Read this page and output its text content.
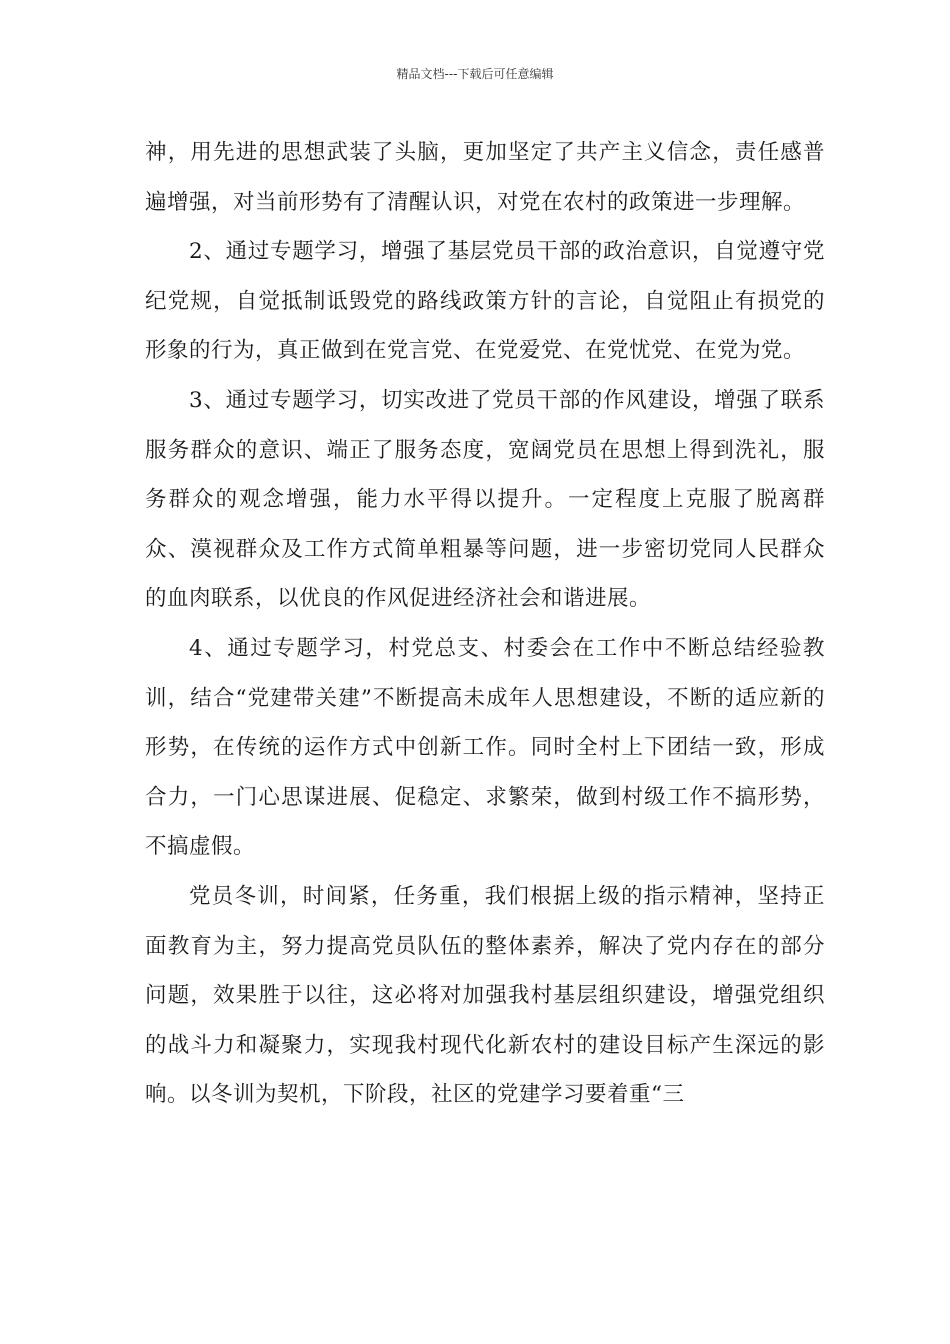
精品文档---下载后可任意编辑

神，用先进的思想武装了头脑，更加坚定了共产主义信念，责任感普遍增强，对当前形势有了清醒认识，对党在农村的政策进一步理解。

2、通过专题学习，增强了基层党员干部的政治意识，自觉遵守党纪党规，自觉抵制诋毁党的路线政策方针的言论，自觉阻止有损党的形象的行为，真正做到在党言党、在党爱党、在党忧党、在党为党。

3、通过专题学习，切实改进了党员干部的作风建设，增强了联系服务群众的意识、端正了服务态度，宽阔党员在思想上得到洗礼，服务群众的观念增强，能力水平得以提升。一定程度上克服了脱离群众、漠视群众及工作方式简单粗暴等问题，进一步密切党同人民群众的血肉联系，以优良的作风促进经济社会和谐进展。

4、通过专题学习，村党总支、村委会在工作中不断总结经验教训，结合“党建带关建”不断提高未成年人思想建设，不断的适应新的形势，在传统的运作方式中创新工作。同时全村上下团结一致，形成合力，一门心思谋进展、促稳定、求繁荣，做到村级工作不搞形势，不搞虚假。

党员冬训，时间紧，任务重，我们根据上级的指示精神，坚持正面教育为主，努力提高党员队伍的整体素养，解决了党内存在的部分问题，效果胜于以往，这必将对加强我村基层组织建设，增强党组织的战斗力和凝聚力，实现我村现代化新农村的建设目标产生深远的影响。以冬训为契机，下阶段，社区的党建学习要着重“三
